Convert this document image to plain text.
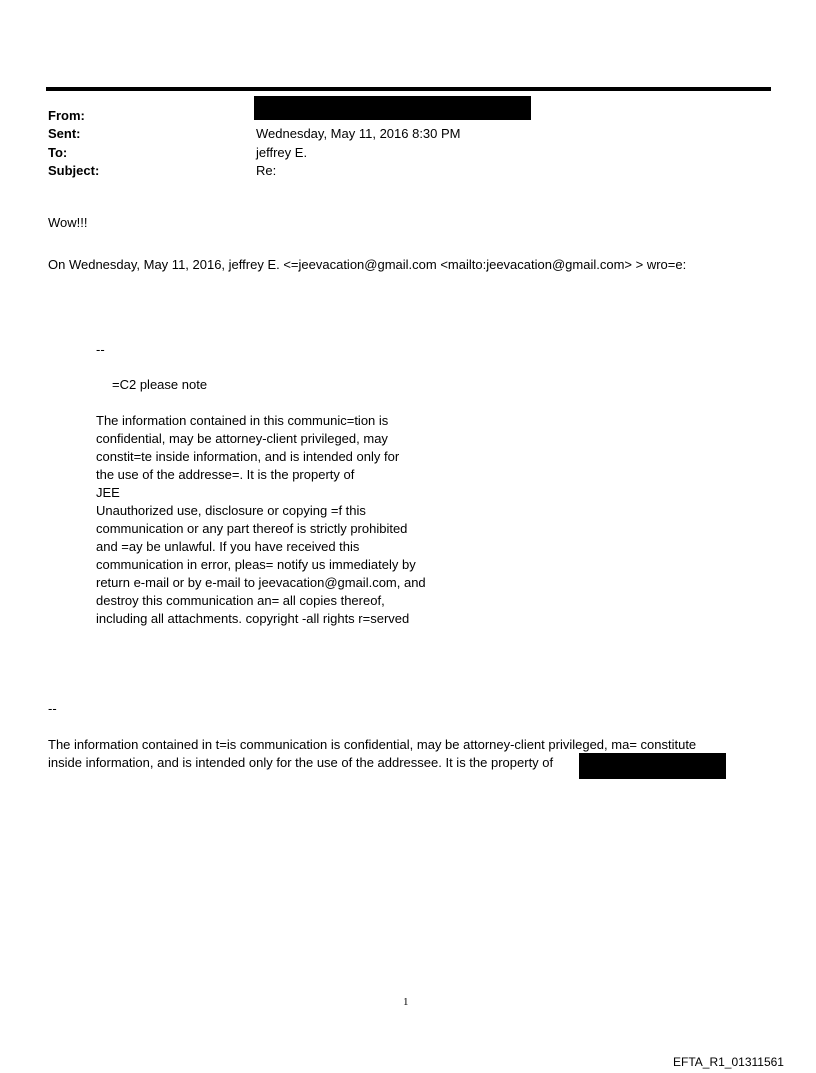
From:
Sent:
To:
Subject:
Wednesday, May 11, 2016 8:30 PM
jeffrey E.
Re:
Wow!!!
On Wednesday, May 11, 2016, jeffrey E. <=jeevacation@gmail.com <mailto:jeevacation@gmail.com> > wro=e:
--
=C2 please note
The information contained in this communic=tion is
confidential, may be attorney-client privileged, may
constit=te inside information, and is intended only for
the use of the addresse=. It is the property of
JEE
Unauthorized use, disclosure or copying =f this
communication or any part thereof is strictly prohibited
and =ay be unlawful. If you have received this
communication in error, pleas= notify us immediately by
return e-mail or by e-mail to jeevacation@gmail.com, and
destroy this communication an= all copies thereof,
including all attachments. copyright -all rights r=served
--
The information contained in t=is communication is confidential, may be attorney-client privileged, ma= constitute
inside information, and is intended only for the use of the addressee. It is the property of
1
EFTA_R1_01311561
